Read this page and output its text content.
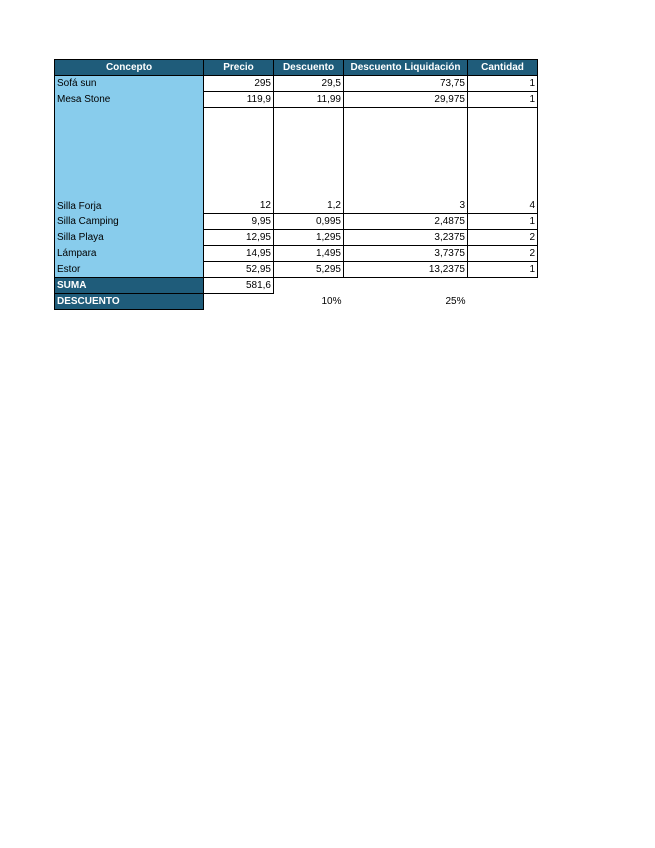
Concepto	Precio	Descuento	Descuento Liquidación	Cantidad
Sofá sun	295	29,5	73,75	1
Mesa Stone	119,9	11,99	29,975	1
Silla Forja	12	1,2	3	4
Silla Camping	9,95	0,995	2,4875	1
Silla Playa	12,95	1,295	3,2375	2
Lámpara	14,95	1,495	3,7375	2
Estor	52,95	5,295	13,2375	1
SUMA	581,6			
DESCUENTO		10%	25%	
